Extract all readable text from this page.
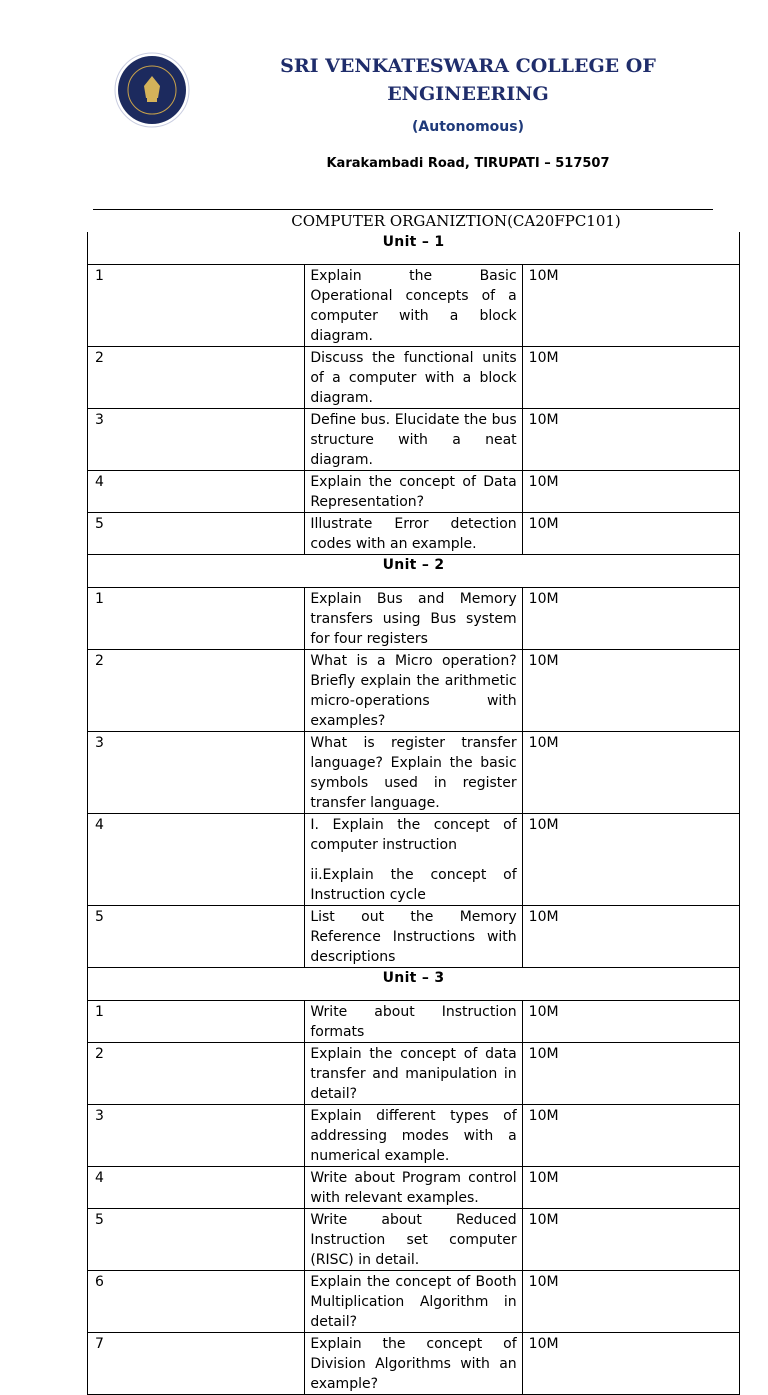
SRI VENKATESWARA COLLEGE OF ENGINEERING
(Autonomous)
Karakambadi Road, TIRUPATI – 517507
COMPUTER ORGANIZTION(CA20FPC101)
Unit – 1		
1	Explain the Basic Operational concepts of a computer with a block diagram.	10M
2	Discuss the functional units of a computer with a block diagram.	10M
3	Define bus. Elucidate the bus structure with a neat diagram.	10M
4	Explain the concept of Data Representation?	10M
5	Illustrate Error detection codes with an example.	10M
Unit – 2		
1	Explain Bus and Memory transfers using Bus system for four registers	10M
2	What is a Micro operation? Briefly explain the arithmetic micro-operations with examples?	10M
3	What is register transfer language? Explain the basic symbols used in register transfer language.	10M
4	I. Explain the concept of computer instruction
ii.Explain the concept of Instruction cycle	10M
5	List out the Memory Reference Instructions with descriptions	10M
Unit – 3		
1	Write about Instruction formats	10M
2	Explain the concept of data transfer and manipulation in detail?	10M
3	Explain different types of addressing modes with a numerical example.	10M
4	Write about Program control with relevant examples.	10M
5	Write about Reduced Instruction set computer (RISC) in detail.	10M
6	Explain the concept of Booth Multiplication Algorithm in detail?	10M
7	Explain the concept of Division Algorithms with an example?	10M
